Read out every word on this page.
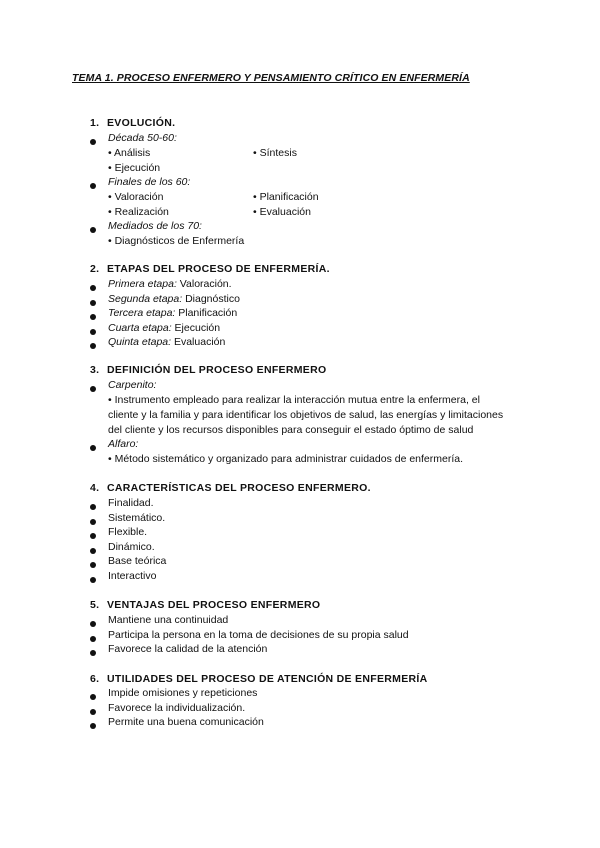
TEMA 1. PROCESO ENFERMERO Y PENSAMIENTO CRÍTICO EN ENFERMERÍA
1. EVOLUCIÓN.
Década 50-60:
• Análisis	• Síntesis
• Ejecución
Finales de los 60:
• Valoración	• Planificación
• Realización	• Evaluación
Mediados de los 70:
• Diagnósticos de Enfermería
2. ETAPAS DEL PROCESO DE ENFERMERÍA.
Primera etapa: Valoración.
Segunda etapa: Diagnóstico
Tercera etapa: Planificación
Cuarta etapa: Ejecución
Quinta etapa: Evaluación
3. DEFINICIÓN DEL PROCESO ENFERMERO
Carpenito:
• Instrumento empleado para realizar la interacción mutua entre la enfermera, el
cliente y la familia y para identificar los objetivos de salud, las energías y limitaciones
del cliente y los recursos disponibles para conseguir el estado óptimo de salud
Alfaro:
• Método sistemático y organizado para administrar cuidados de enfermería.
4. CARACTERÍSTICAS DEL PROCESO ENFERMERO.
Finalidad.
Sistemático.
Flexible.
Dinámico.
Base teórica
Interactivo
5. VENTAJAS DEL PROCESO ENFERMERO
Mantiene una continuidad
Participa la persona en la toma de decisiones de su propia salud
Favorece la calidad de la atención
6. UTILIDADES DEL PROCESO DE ATENCIÓN DE ENFERMERÍA
Impide omisiones y repeticiones
Favorece la individualización.
Permite una buena comunicación
